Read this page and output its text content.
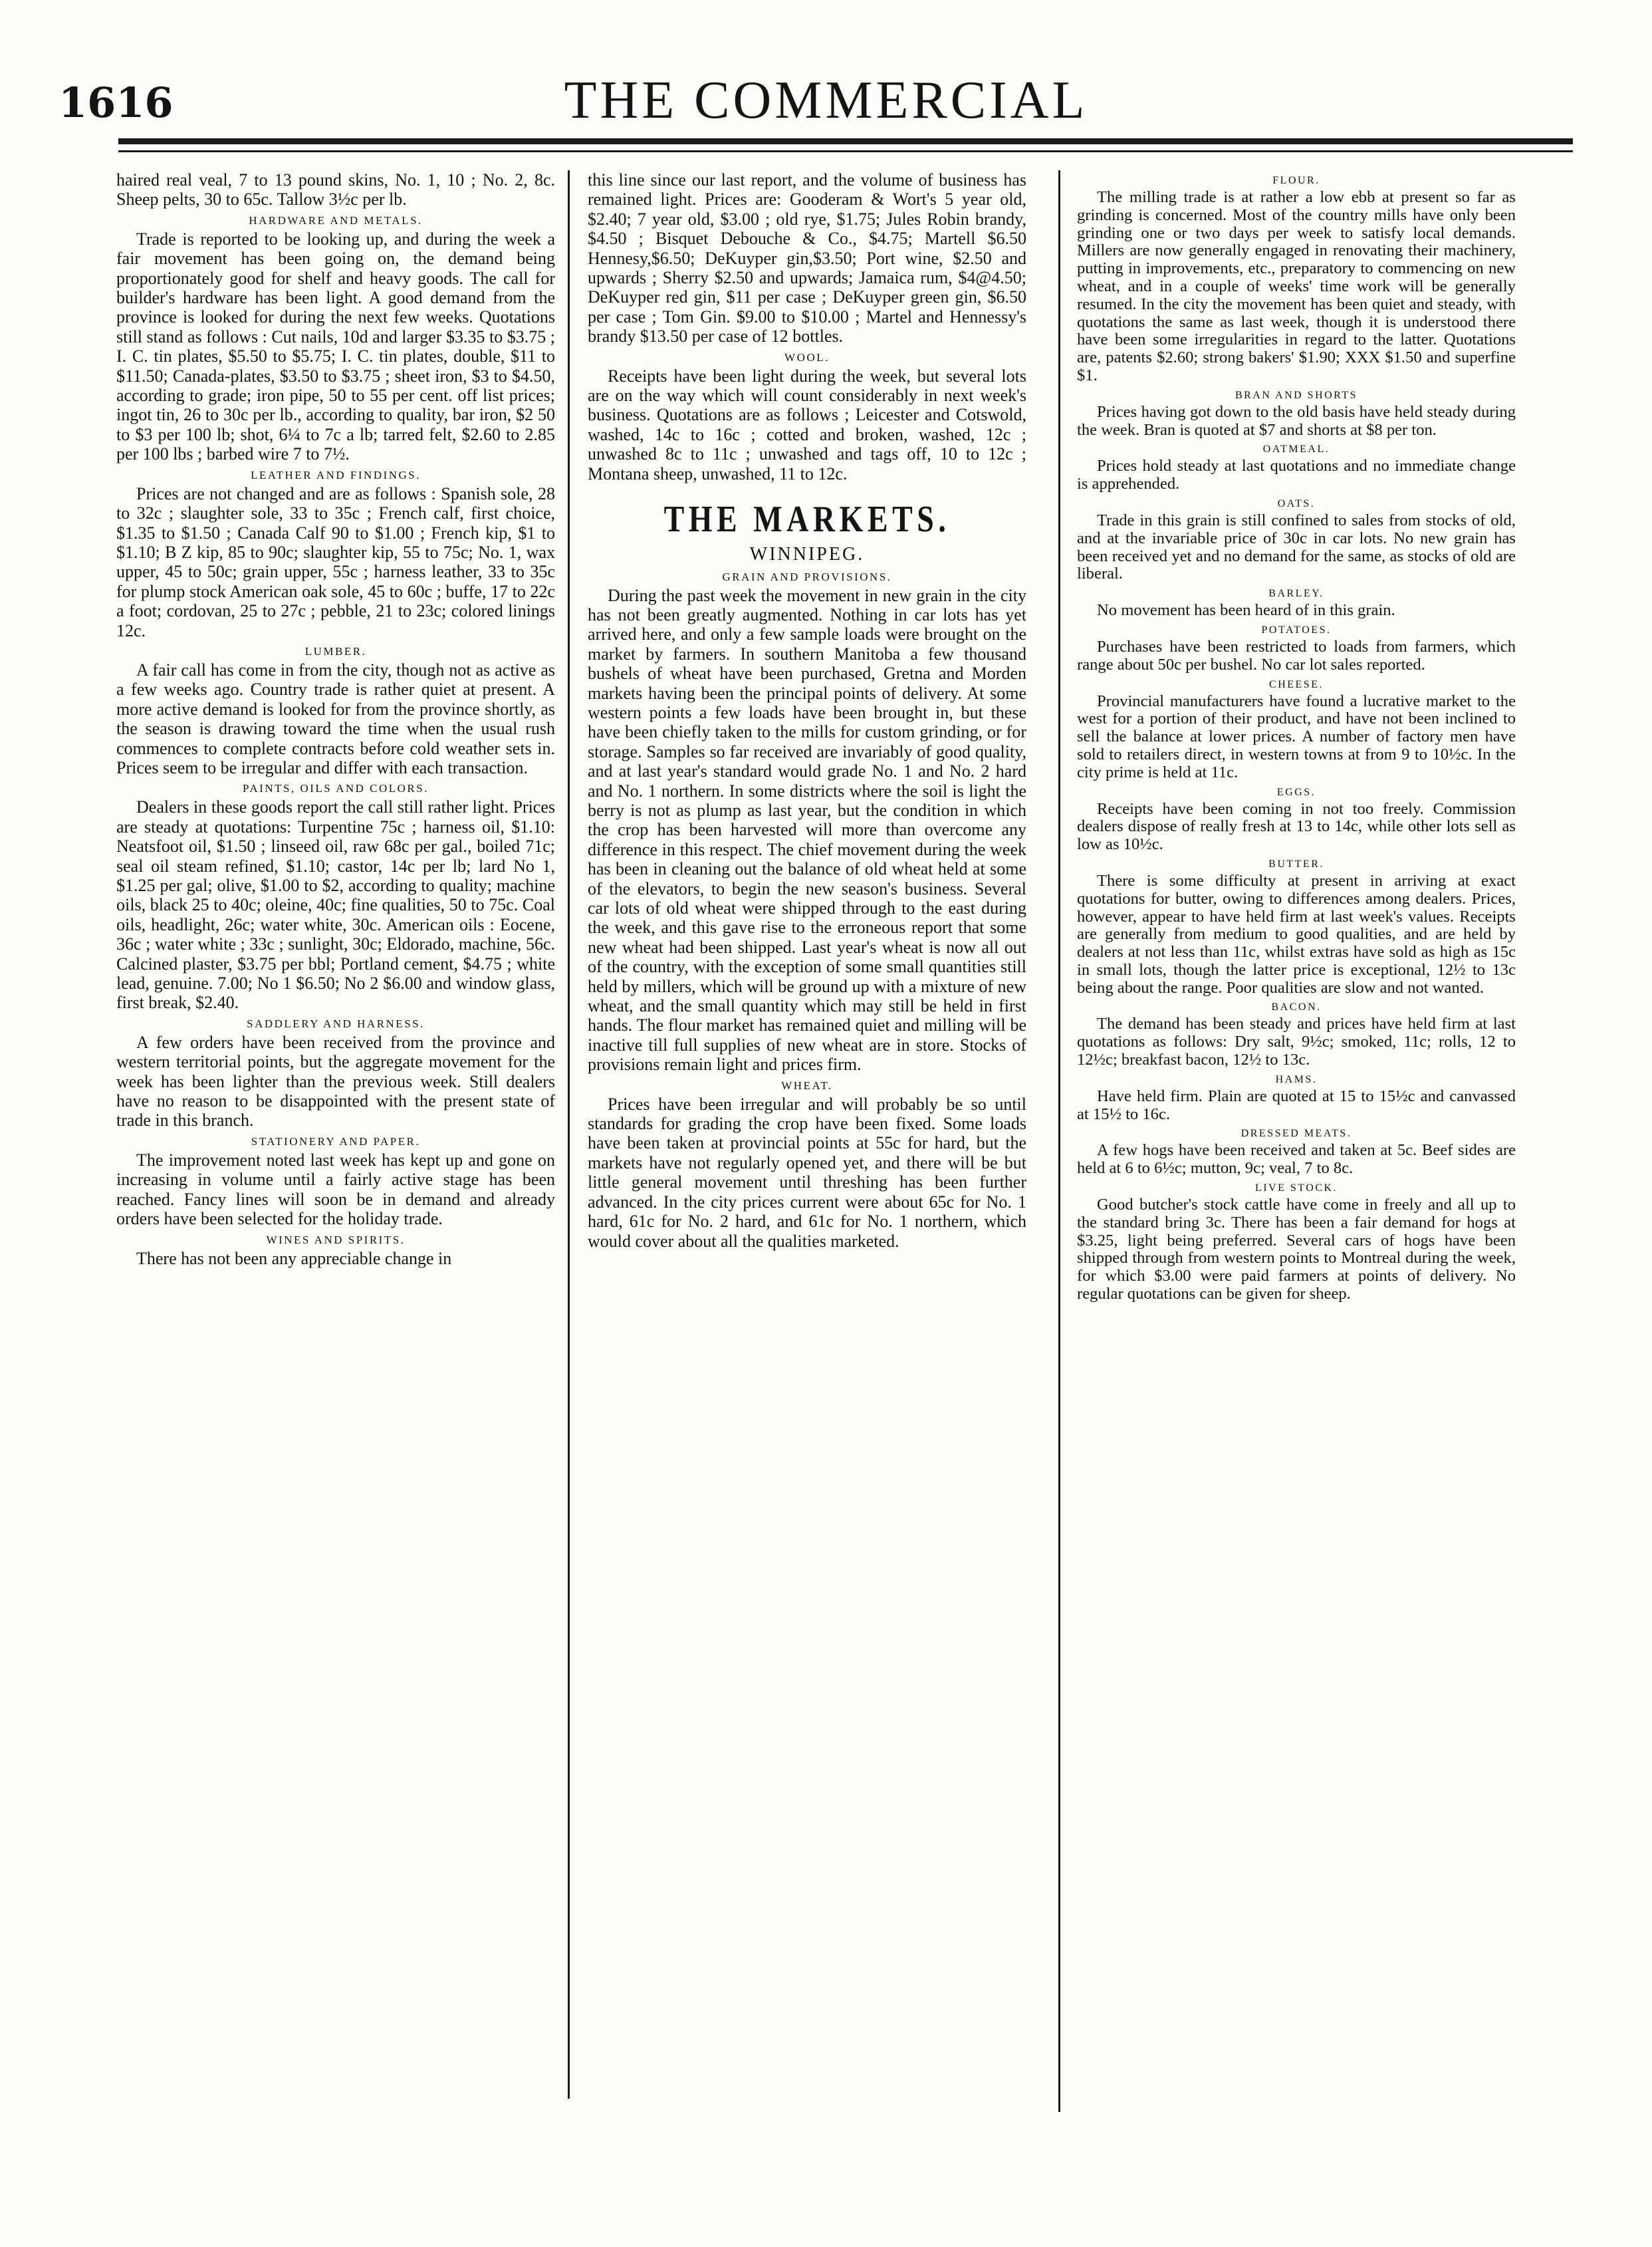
1616	THE COMMERCIAL

haired real veal, 7 to 13 pound skins, No. 1, 10 ; No. 2, 8c. Sheep pelts, 30 to 65c. Tallow 3½c per lb.

HARDWARE AND METALS.

Trade is reported to be looking up, and during the week a fair movement has been going on, the demand being proportionately good for shelf and heavy goods. The call for builder's hardware has been light. A good demand from the province is looked for during the next few weeks. Quotations still stand as follows : Cut nails, 10d and larger $3.35 to $3.75 ; I. C. tin plates, $5.50 to $5.75; I. C. tin plates, double, $11 to $11.50; Canada-plates, $3.50 to $3.75 ; sheet iron, $3 to $4.50, according to grade; iron pipe, 50 to 55 per cent. off list prices; ingot tin, 26 to 30c per lb., according to quality, bar iron, $2 50 to $3 per 100 lb; shot, 6¼ to 7c a lb; tarred felt, $2.60 to 2.85 per 100 lbs ; barbed wire 7 to 7½.

LEATHER AND FINDINGS.

Prices are not changed and are as follows : Spanish sole, 28 to 32c ; slaughter sole, 33 to 35c ; French calf, first choice, $1.35 to $1.50 ; Canada Calf 90 to $1.00 ; French kip, $1 to $1.10; B Z kip, 85 to 90c; slaughter kip, 55 to 75c; No. 1, wax upper, 45 to 50c; grain upper, 55c ; harness leather, 33 to 35c for plump stock American oak sole, 45 to 60c ; buffe, 17 to 22c a foot; cordovan, 25 to 27c ; pebble, 21 to 23c; colored linings 12c.

LUMBER.

A fair call has come in from the city, though not as active as a few weeks ago. Country trade is rather quiet at present. A more active demand is looked for from the province shortly, as the season is drawing toward the time when the usual rush commences to complete contracts before cold weather sets in. Prices seem to be irregular and differ with each transaction.

PAINTS, OILS AND COLORS.

Dealers in these goods report the call still rather light. Prices are steady at quotations: Turpentine 75c ; harness oil, $1.10: Neatsfoot oil, $1.50 ; linseed oil, raw 68c per gal., boiled 71c; seal oil steam refined, $1.10; castor, 14c per lb; lard No 1, $1.25 per gal; olive, $1.00 to $2, according to quality; machine oils, black 25 to 40c; oleine, 40c; fine qualities, 50 to 75c. Coal oils, headlight, 26c; water white, 30c. American oils : Eocene, 36c ; water white ; 33c ; sunlight, 30c; Eldorado, machine, 56c. Calcined plaster, $3.75 per bbl; Portland cement, $4.75 ; white lead, genuine. 7.00; No 1 $6.50; No 2 $6.00 and window glass, first break, $2.40.

SADDLERY AND HARNESS.

A few orders have been received from the province and western territorial points, but the aggregate movement for the week has been lighter than the previous week. Still dealers have no reason to be disappointed with the present state of trade in this branch.

STATIONERY AND PAPER.

The improvement noted last week has kept up and gone on increasing in volume until a fairly active stage has been reached. Fancy lines will soon be in demand and already orders have been selected for the holiday trade.

WINES AND SPIRITS.

There has not been any appreciable change in

this line since our last report, and the volume of business has remained light. Prices are: Gooderam & Wort's 5 year old, $2.40; 7 year old, $3.00 ; old rye, $1.75; Jules Robin brandy, $4.50 ; Bisquet Debouche & Co., $4.75; Martell $6.50 Hennesy,$6.50; DeKuyper gin,$3.50; Port wine, $2.50 and upwards ; Sherry $2.50 and upwards; Jamaica rum, $4@4.50; DeKuyper red gin, $11 per case ; DeKuyper green gin, $6.50 per case ; Tom Gin. $9.00 to $10.00 ; Martel and Hennessy's brandy $13.50 per case of 12 bottles.

WOOL.

Receipts have been light during the week, but several lots are on the way which will count considerably in next week's business. Quotations are as follows ; Leicester and Cotswold, washed, 14c to 16c ; cotted and broken, washed, 12c ; unwashed 8c to 11c ; unwashed and tags off, 10 to 12c ; Montana sheep, unwashed, 11 to 12c.

THE MARKETS.
WINNIPEG.
GRAIN AND PROVISIONS.

During the past week the movement in new grain in the city has not been greatly augmented. Nothing in car lots has yet arrived here, and only a few sample loads were brought on the market by farmers. In southern Manitoba a few thousand bushels of wheat have been purchased, Gretna and Morden markets having been the principal points of delivery. At some western points a few loads have been brought in, but these have been chiefly taken to the mills for custom grinding, or for storage. Samples so far received are invariably of good quality, and at last year's standard would grade No. 1 and No. 2 hard and No. 1 northern. In some districts where the soil is light the berry is not as plump as last year, but the condition in which the crop has been harvested will more than overcome any difference in this respect. The chief movement during the week has been in cleaning out the balance of old wheat held at some of the elevators, to begin the new season's business. Several car lots of old wheat were shipped through to the east during the week, and this gave rise to the erroneous report that some new wheat had been shipped. Last year's wheat is now all out of the country, with the exception of some small quantities still held by millers, which will be ground up with a mixture of new wheat, and the small quantity which may still be held in first hands. The flour market has remained quiet and milling will be inactive till full supplies of new wheat are in store. Stocks of provisions remain light and prices firm.

WHEAT.

Prices have been irregular and will probably be so until standards for grading the crop have been fixed. Some loads have been taken at provincial points at 55c for hard, but the markets have not regularly opened yet, and there will be but little general movement until threshing has been further advanced. In the city prices current were about 65c for No. 1 hard, 61c for No. 2 hard, and 61c for No. 1 northern, which would cover about all the qualities marketed.

FLOUR.

The milling trade is at rather a low ebb at present so far as grinding is concerned. Most of the country mills have only been grinding one or two days per week to satisfy local demands. Millers are now generally engaged in renovating their machinery, putting in improvements, etc., preparatory to commencing on new wheat, and in a couple of weeks' time work will be generally resumed. In the city the movement has been quiet and steady, with quotations the same as last week, though it is understood there have been some irregularities in regard to the latter. Quotations are, patents $2.60; strong bakers' $1.90; XXX $1.50 and superfine $1.

BRAN AND SHORTS

Prices having got down to the old basis have held steady during the week. Bran is quoted at $7 and shorts at $8 per ton.

OATMEAL.

Prices hold steady at last quotations and no immediate change is apprehended.

OATS.

Trade in this grain is still confined to sales from stocks of old, and at the invariable price of 30c in car lots. No new grain has been received yet and no demand for the same, as stocks of old are liberal.

BARLEY.

No movement has been heard of in this grain.

POTATOES.

Purchases have been restricted to loads from farmers, which range about 50c per bushel. No car lot sales reported.

CHEESE.

Provincial manufacturers have found a lucrative market to the west for a portion of their product, and have not been inclined to sell the balance at lower prices. A number of factory men have sold to retailers direct, in western towns at from 9 to 10½c. In the city prime is held at 11c.

EGGS.

Receipts have been coming in not too freely. Commission dealers dispose of really fresh at 13 to 14c, while other lots sell as low as 10½c.

BUTTER.

There is some difficulty at present in arriving at exact quotations for butter, owing to differences among dealers. Prices, however, appear to have held firm at last week's values. Receipts are generally from medium to good qualities, and are held by dealers at not less than 11c, whilst extras have sold as high as 15c in small lots, though the latter price is exceptional, 12½ to 13c being about the range. Poor qualities are slow and not wanted.

BACON.

The demand has been steady and prices have held firm at last quotations as follows: Dry salt, 9½c; smoked, 11c; rolls, 12 to 12½c; breakfast bacon, 12½ to 13c.

HAMS.

Have held firm. Plain are quoted at 15 to 15½c and canvassed at 15½ to 16c.

DRESSED MEATS.

A few hogs have been received and taken at 5c. Beef sides are held at 6 to 6½c; mutton, 9c; veal, 7 to 8c.

LIVE STOCK.

Good butcher's stock cattle have come in freely and all up to the standard bring 3c. There has been a fair demand for hogs at $3.25, light being preferred. Several cars of hogs have been shipped through from western points to Montreal during the week, for which $3.00 were paid farmers at points of delivery. No regular quotations can be given for sheep.
